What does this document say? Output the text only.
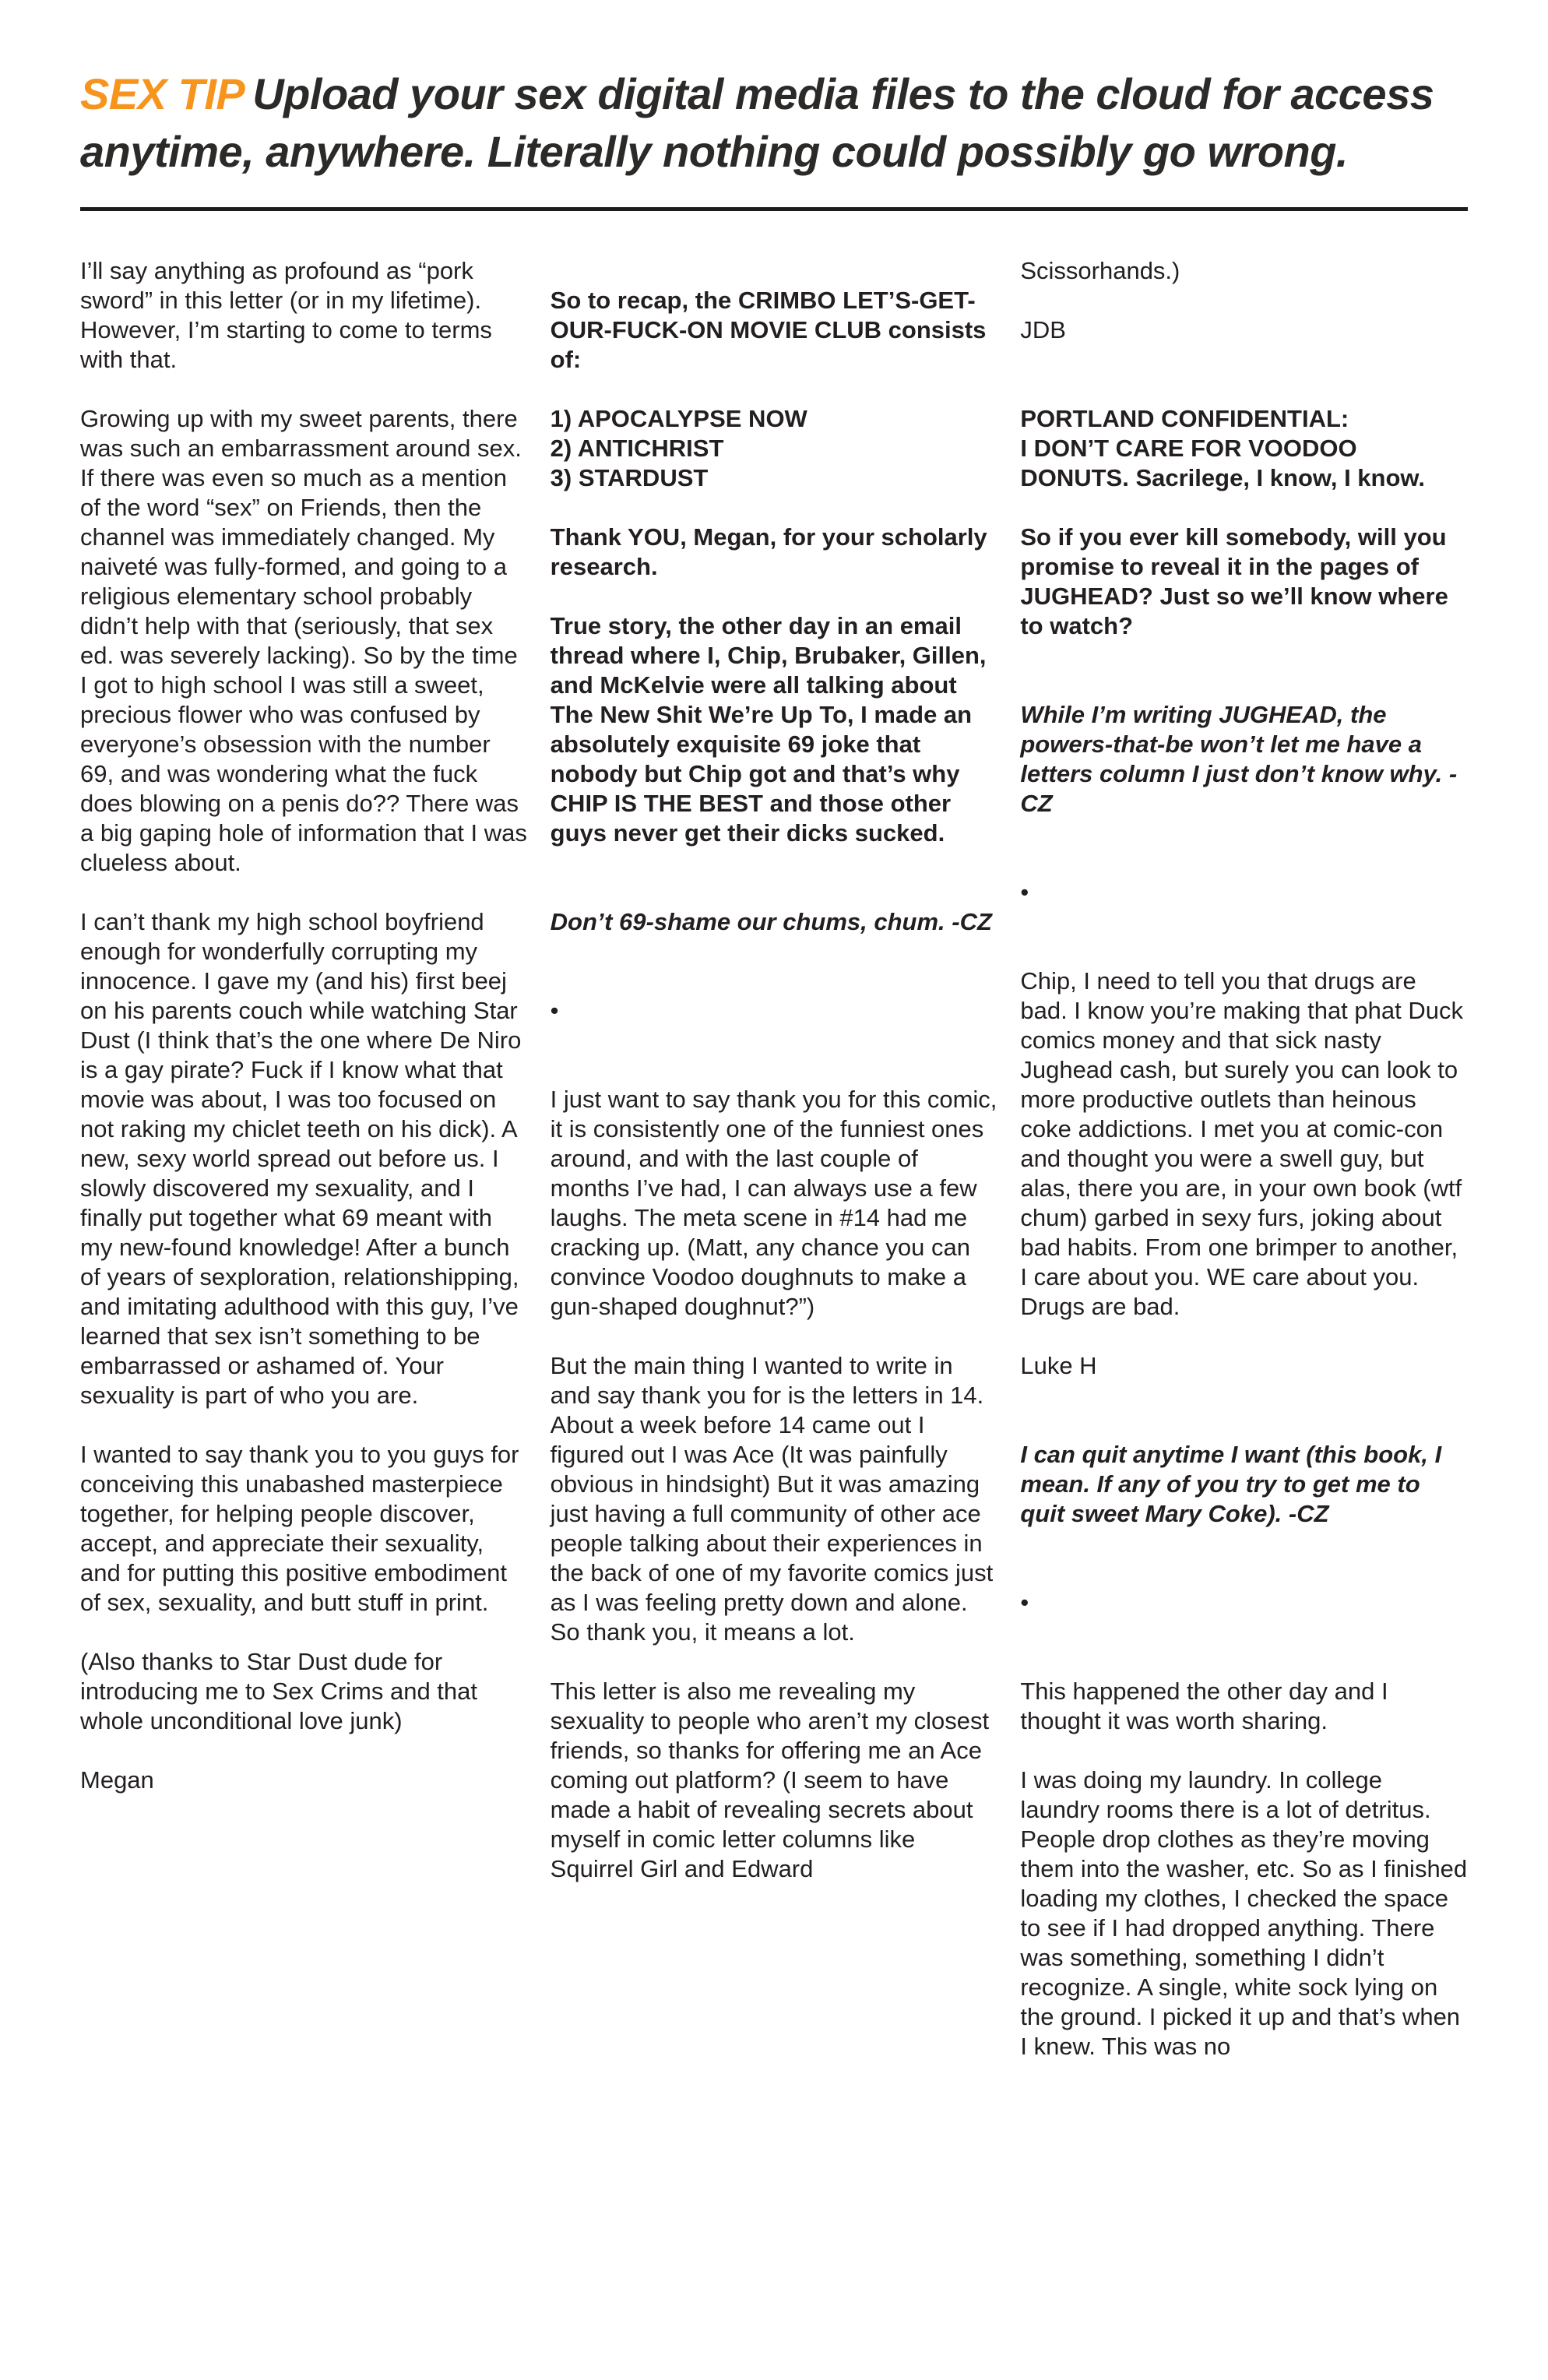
SEX TIP Upload your sex digital media files to the cloud for access anytime, anywhere. Literally nothing could possibly go wrong.

I’ll say anything as profound as “pork sword” in this letter (or in my lifetime). However, I’m starting to come to terms with that.

Growing up with my sweet parents, there was such an embarrassment around sex. If there was even so much as a mention of the word “sex” on Friends, then the channel was immediately changed. My naiveté was fully-formed, and going to a religious elementary school probably didn’t help with that (seriously, that sex ed. was severely lacking). So by the time I got to high school I was still a sweet, precious flower who was confused by everyone’s obsession with the number 69, and was wondering what the fuck does blowing on a penis do?? There was a big gaping hole of information that I was clueless about.

I can’t thank my high school boyfriend enough for wonderfully corrupting my innocence. I gave my (and his) first beej on his parents couch while watching Star Dust (I think that’s the one where De Niro is a gay pirate? Fuck if I know what that movie was about, I was too focused on not raking my chiclet teeth on his dick). A new, sexy world spread out before us. I slowly discovered my sexuality, and I finally put together what 69 meant with my new-found knowledge! After a bunch of years of sexploration, relationshipping, and imitating adulthood with this guy, I’ve learned that sex isn’t something to be embarrassed or ashamed of. Your sexuality is part of who you are.

I wanted to say thank you to you guys for conceiving this unabashed masterpiece together, for helping people discover, accept, and appreciate their sexuality, and for putting this positive embodiment of sex, sexuality, and butt stuff in print.

(Also thanks to Star Dust dude for introducing me to Sex Crims and that whole unconditional love junk)

Megan

So to recap, the CRIMBO LET’S-GET-OUR-FUCK-ON MOVIE CLUB consists of:

1) APOCALYPSE NOW
2) ANTICHRIST
3) STARDUST

Thank YOU, Megan, for your scholarly research.

True story, the other day in an email thread where I, Chip, Brubaker, Gillen, and McKelvie were all talking about The New Shit We’re Up To, I made an absolutely exquisite 69 joke that nobody but Chip got and that’s why CHIP IS THE BEST and those other guys never get their dicks sucked.

Don’t 69-shame our chums, chum. -CZ

•

I just want to say thank you for this comic, it is consistently one of the funniest ones around, and with the last couple of months I’ve had, I can always use a few laughs. The meta scene in #14 had me cracking up. (Matt, any chance you can convince Voodoo doughnuts to make a gun-shaped doughnut?”)

But the main thing I wanted to write in and say thank you for is the letters in 14. About a week before 14 came out I figured out I was Ace (It was painfully obvious in hindsight) But it was amazing just having a full community of other ace people talking about their experiences in the back of one of my favorite comics just as I was feeling pretty down and alone. So thank you, it means a lot.

This letter is also me revealing my sexuality to people who aren’t my closest friends, so thanks for offering me an Ace coming out platform? (I seem to have made a habit of revealing secrets about myself in comic letter columns like Squirrel Girl and Edward

Scissorhands.)

JDB

PORTLAND CONFIDENTIAL:
I DON’T CARE FOR VOODOO DONUTS. Sacrilege, I know, I know.

So if you ever kill somebody, will you promise to reveal it in the pages of JUGHEAD? Just so we’ll know where to watch?

While I’m writing JUGHEAD, the powers-that-be won’t let me have a letters column I just don’t know why. -CZ

•

Chip, I need to tell you that drugs are bad. I know you’re making that phat Duck comics money and that sick nasty Jughead cash, but surely you can look to more productive outlets than heinous coke addictions. I met you at comic-con and thought you were a swell guy, but alas, there you are, in your own book (wtf chum) garbed in sexy furs, joking about bad habits. From one brimper to another, I care about you. WE care about you. Drugs are bad.

Luke H

I can quit anytime I want (this book, I mean. If any of you try to get me to quit sweet Mary Coke). -CZ

•

This happened the other day and I thought it was worth sharing.

I was doing my laundry. In college laundry rooms there is a lot of detritus. People drop clothes as they’re moving them into the washer, etc. So as I finished loading my clothes, I checked the space to see if I had dropped anything. There was something, something I didn’t recognize. A single, white sock lying on the ground. I picked it up and that’s when I knew. This was no
